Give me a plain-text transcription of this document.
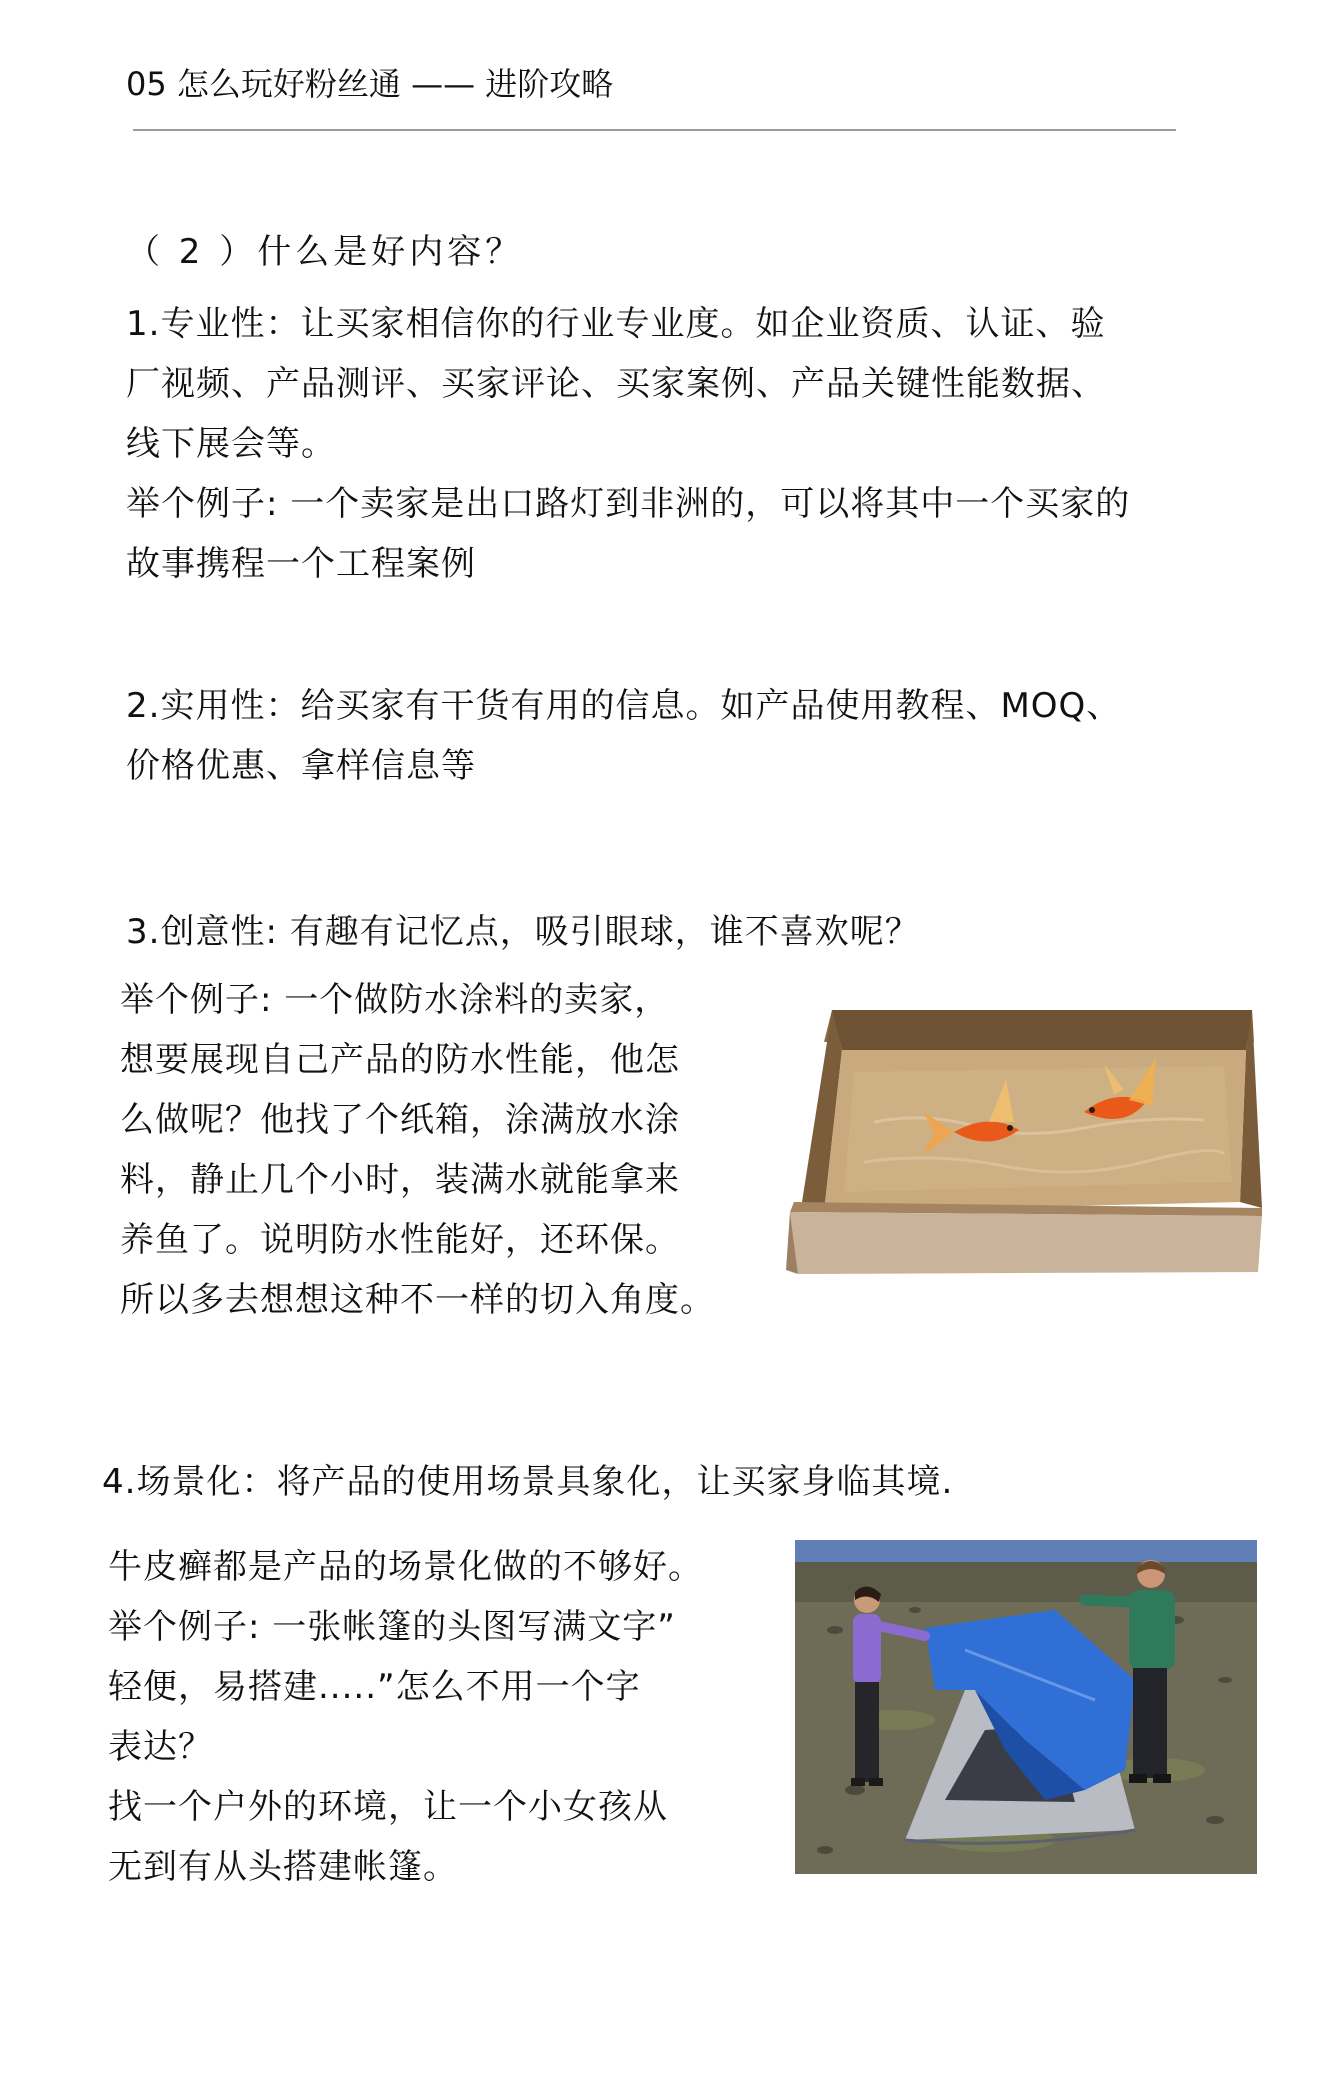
05 怎么玩好粉丝通 —— 进阶攻略
（ 2 ）什么是好内容？
1.专业性：让买家相信你的行业专业度。如企业资质、认证、验
厂视频、产品测评、买家评论、买家案例、产品关键性能数据、
线下展会等。
举个例子: 一个卖家是出口路灯到非洲的，可以将其中一个买家的
故事携程一个工程案例
2.实用性：给买家有干货有用的信息。如产品使用教程、MOQ、
价格优惠、拿样信息等
3.创意性: 有趣有记忆点，吸引眼球，谁不喜欢呢？
举个例子: 一个做防水涂料的卖家，
想要展现自己产品的防水性能，他怎
么做呢？他找了个纸箱，涂满放水涂
料，静止几个小时，装满水就能拿来
养鱼了。说明防水性能好，还环保。
所以多去想想这种不一样的切入角度。
4.场景化：将产品的使用场景具象化，让买家身临其境.
牛皮癣都是产品的场景化做的不够好。
举个例子: 一张帐篷的头图写满文字”
轻便，易搭建.....”怎么不用一个字
表达？
找一个户外的环境，让一个小女孩从
无到有从头搭建帐篷。
